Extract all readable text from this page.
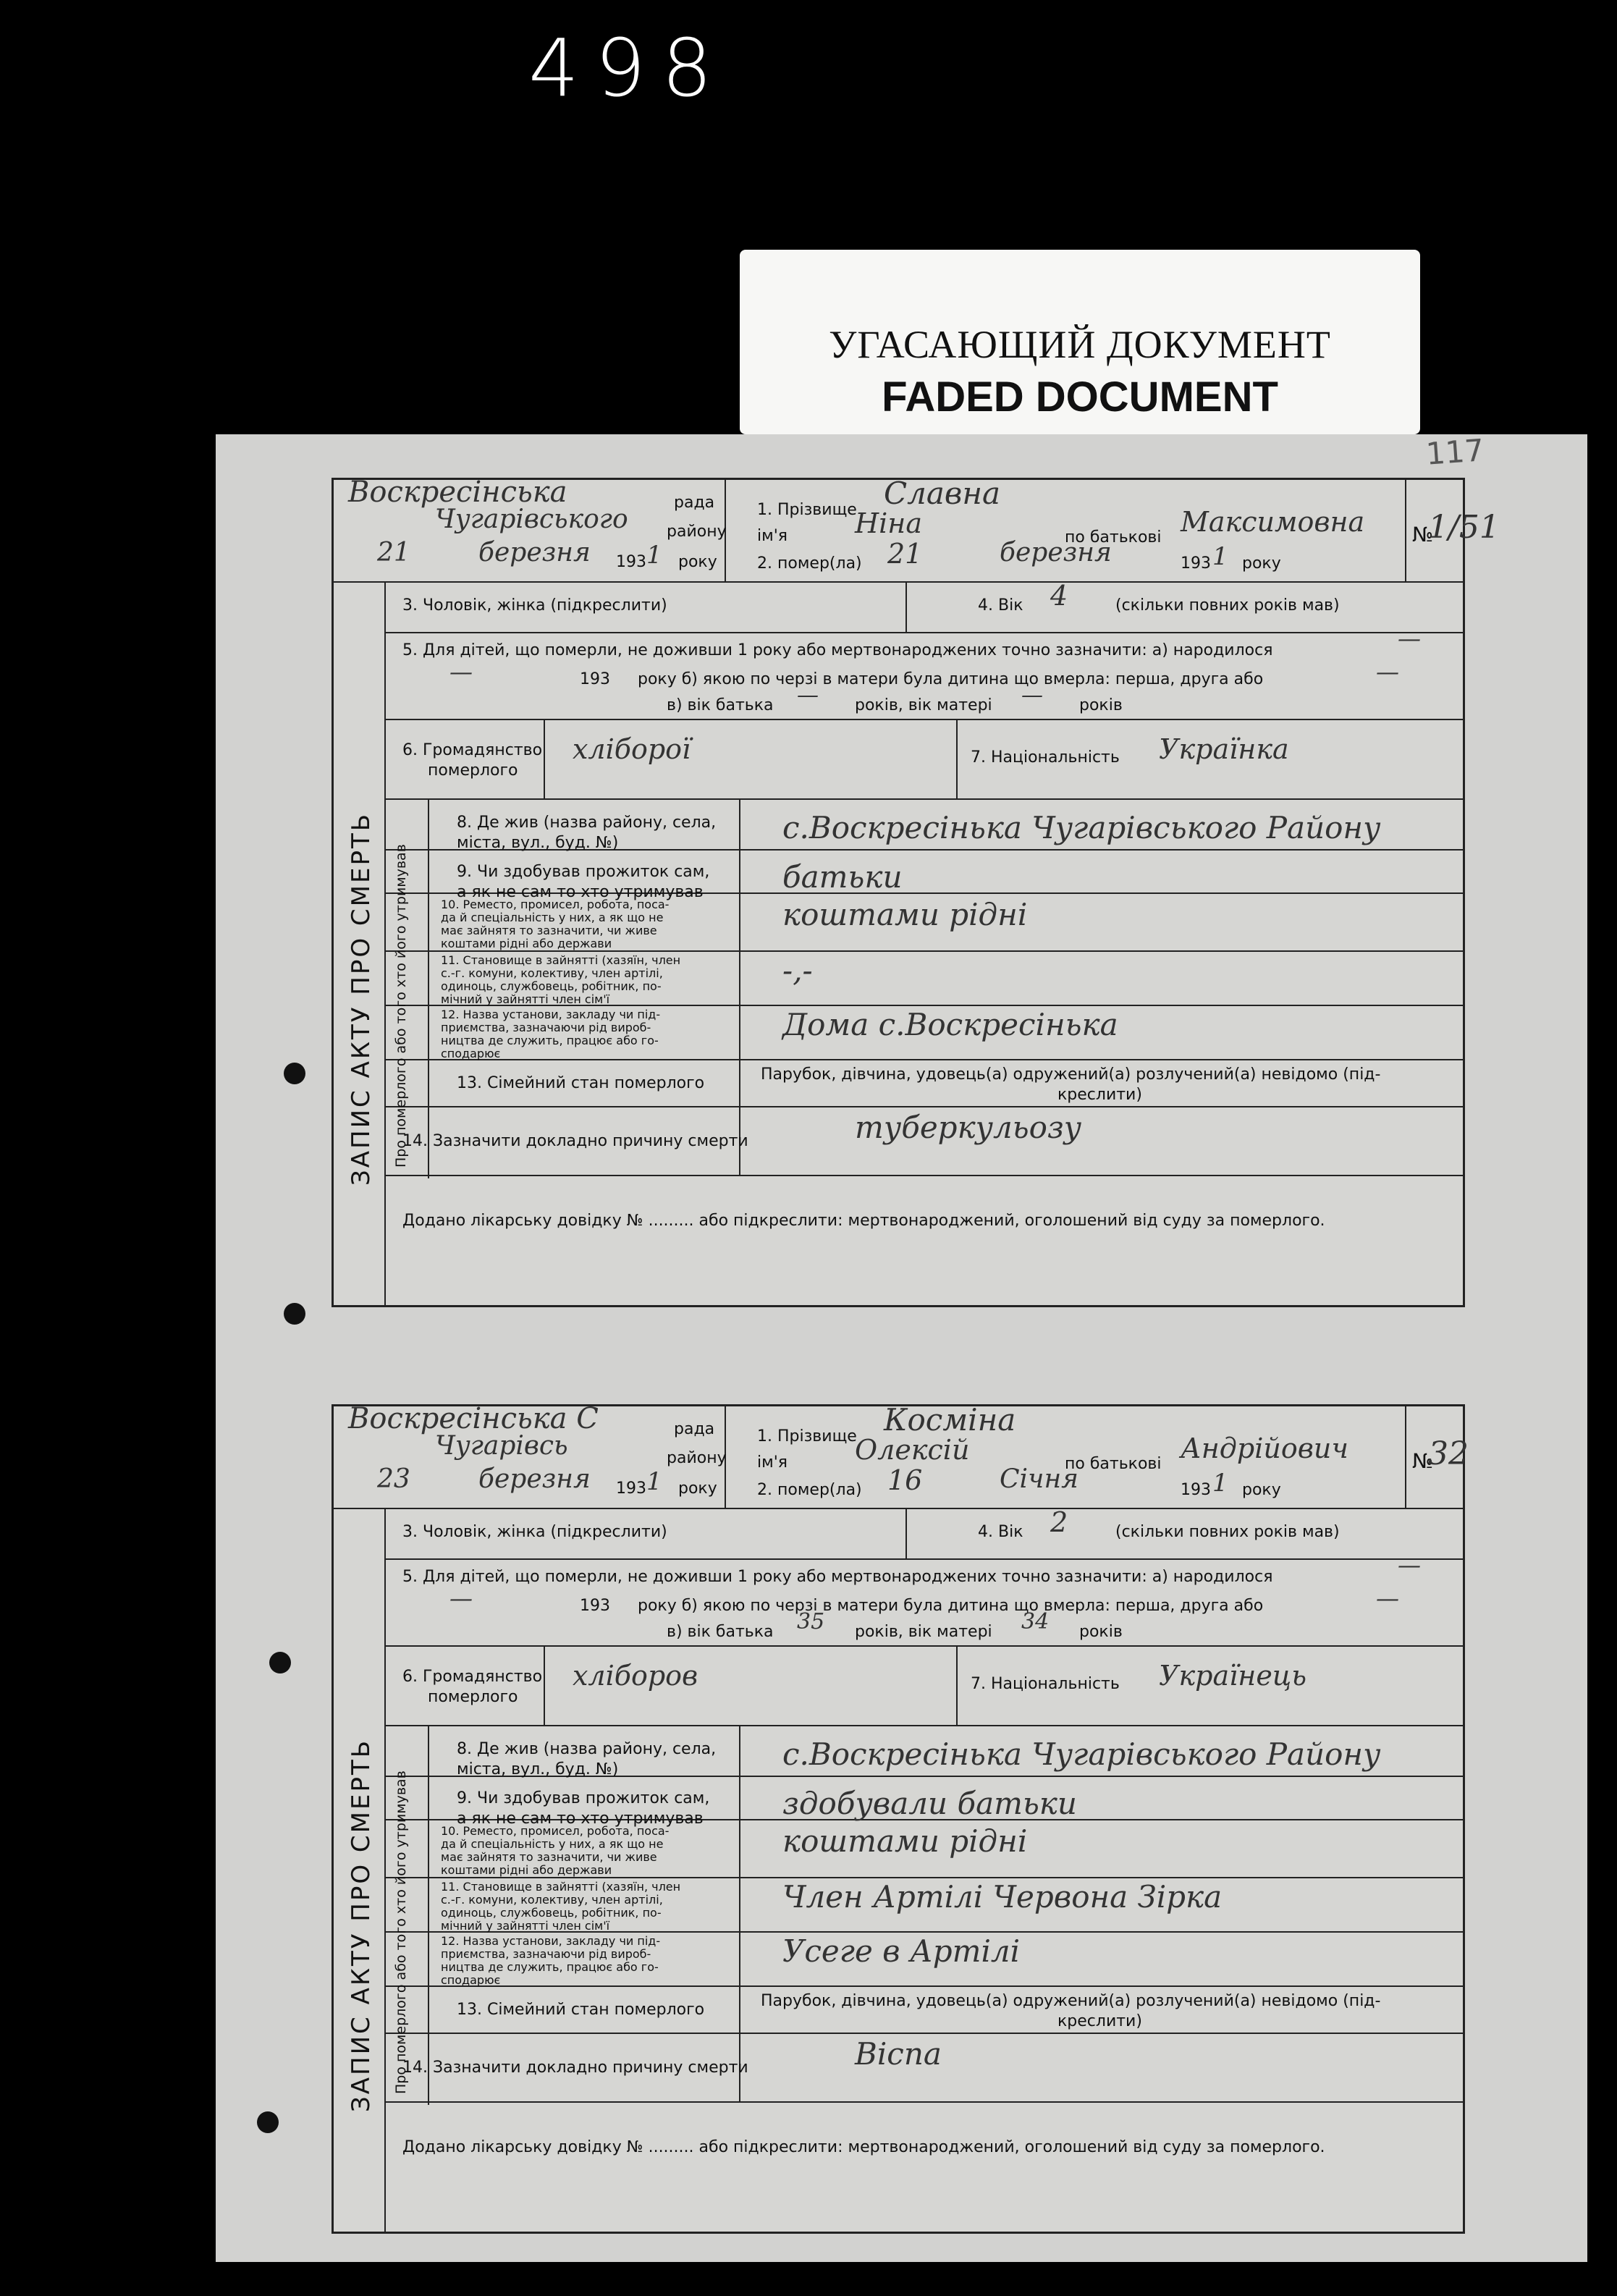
498
УГАСАЮЩИЙ ДОКУМЕНТ
FADED DOCUMENT
117
Воскресінська	рада
Чугарівського району
21	березня 193 1 року
1. Прізвище Славна
ім'я Ніна	по батькові Максимовна
2. помер(ла) 21	березня	193 1 року
№
1/51
ЗАПИС АКТУ ПРО СМЕРТЬ
3. Чоловік, жінка (підкреслити)	4. Вік 4	(скільки повних років мав)
5. Для дітей, що померли, не доживши 1 року або мертвонароджених точно зазначити: а) народилося	—
—	193 року б) якою по черзі в матери була дитина що вмерла: перша, друга або	—
в) вік батька — років, вік матері — років
6. Громадянство
померлого
хліборої	7. Національність Українка
Про померлого або того хто його утримував
8. Де жив (назва району, села,
міста, вул., буд. №)	с.Воскресінька Чугарівського Району
9. Чи здобував прожиток сам,
а як не сам то хто утримував	батьки
10. Реместо, промисел, робота, поса-
да й спеціальність у них, а як що не
має зайнятя то зазначити, чи живе
коштами рідні або держави
коштами рідні
11. Становище в зайнятті (хазяїн, член
с.-г. комуни, колективу, член артілі,
одиноць, службовець, робітник, по-
мічний у зайнятті член сім'ї
-,-
12. Назва установи, закладу чи під-
приємства, зазначаючи рід вироб-
ництва де служить, працює або го-
сподарює
Дома с.Воскресінька
13. Сімейний стан померлого	Парубок, дівчина, удовець(а) одружений(а) розлучений(а) невідомо (під-
креслити)
14. Зазначити докладно причину смерти	туберкульозу
Додано лікарську довідку № ......... або підкреслити: мертвонароджений, оголошений від суду за померлого.
Воскресінська С	рада
Чугарівсь	району
23	березня 193 1 року
1. Прізвище Косміна
ім'я Олексій	по батькові Андрійович
2. помер(ла) 16	Січня	193 1 року
№
32
ЗАПИС АКТУ ПРО СМЕРТЬ
3. Чоловік, жінка (підкреслити)	4. Вік 2	(скільки повних років мав)
5. Для дітей, що померли, не доживши 1 року або мертвонароджених точно зазначити: а) народилося	—
—	193 року б) якою по черзі в матери була дитина що вмерла: перша, друга або	—
в) вік батька 35 років, вік матері 34 років
6. Громадянство
померлого
хліборов	7. Національність Українець
Про померлого або того хто його утримував
8. Де жив (назва району, села,
міста, вул., буд. №)	с.Воскресінька Чугарівського Району
9. Чи здобував прожиток сам,
а як не сам то хто утримував	здобували батьки
10. Реместо, промисел, робота, поса-
да й спеціальність у них, а як що не
має зайнятя то зазначити, чи живе
коштами рідні або держави
коштами рідні
11. Становище в зайнятті (хазяїн, член
с.-г. комуни, колективу, член артілі,
одиноць, службовець, робітник, по-
мічний у зайнятті член сім'ї
Член Артілі Червона Зірка
12. Назва установи, закладу чи під-
приємства, зазначаючи рід вироб-
ництва де служить, працює або го-
сподарює
Усеге в Артілі
13. Сімейний стан померлого	Парубок, дівчина, удовець(а) одружений(а) розлучений(а) невідомо (під-
креслити)
14. Зазначити докладно причину смерти	Віспа
Додано лікарську довідку № ......... або підкреслити: мертвонароджений, оголошений від суду за померлого.
